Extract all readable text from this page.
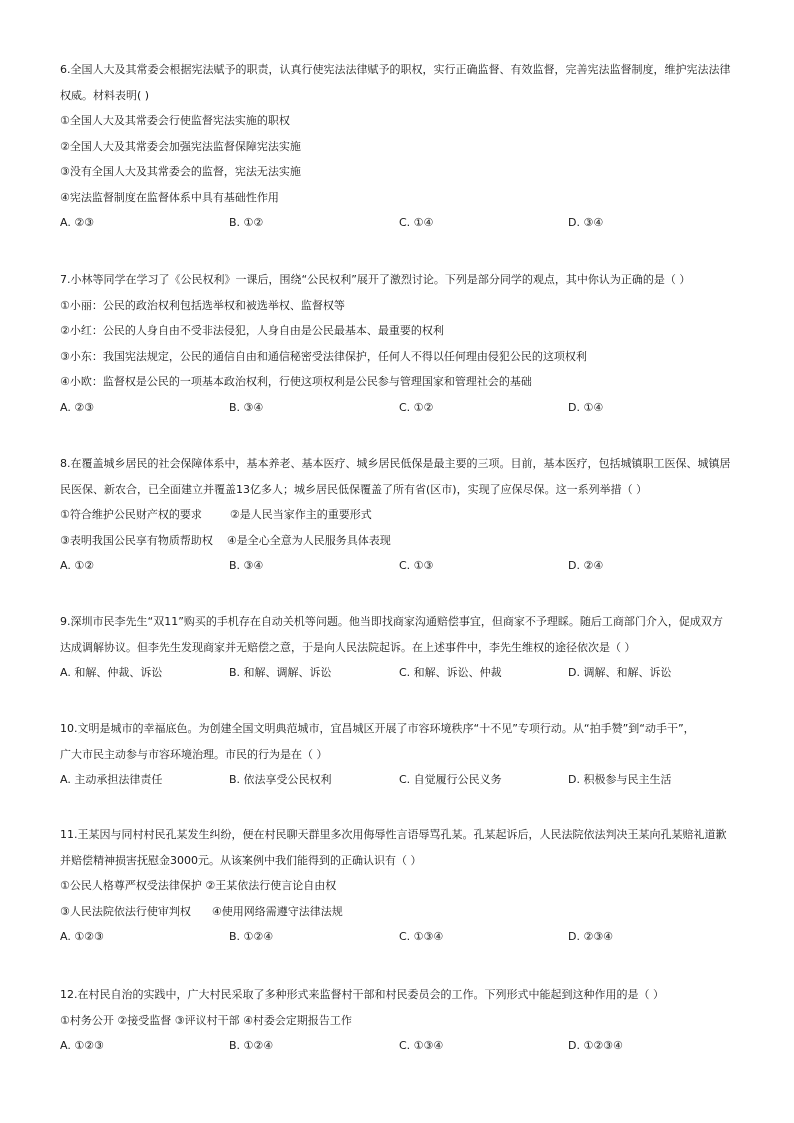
6.全国人大及其常委会根据宪法赋予的职责，认真行使宪法法律赋予的职权，实行正确监督、有效监督，完善宪法监督制度，维护宪法法律
权威。材料表明( )
①全国人大及其常委会行使监督宪法实施的职权
②全国人大及其常委会加强宪法监督保障宪法实施
③没有全国人大及其常委会的监督，宪法无法实施
④宪法监督制度在监督体系中具有基础性作用
A. ②③	B. ①②	C. ①④	D. ③④
7.小林等同学在学习了《公民权利》一课后，围绕“公民权利”展开了激烈讨论。下列是部分同学的观点，其中你认为正确的是（ ）
①小丽：公民的政治权利包括选举权和被选举权、监督权等
②小红：公民的人身自由不受非法侵犯，人身自由是公民最基本、最重要的权利
③小东：我国宪法规定，公民的通信自由和通信秘密受法律保护，任何人不得以任何理由侵犯公民的这项权利
④小欧：监督权是公民的一项基本政治权利，行使这项权利是公民参与管理国家和管理社会的基础
A. ②③	B. ③④	C. ①②	D. ①④
8.在覆盖城乡居民的社会保障体系中，基本养老、基本医疗、城乡居民低保是最主要的三项。目前，基本医疗，包括城镇职工医保、城镇居
民医保、新农合，已全面建立并覆盖13亿多人；城乡居民低保覆盖了所有省(区市)，实现了应保尽保。这一系列举措（ ）
①符合维护公民财产权的要求        ②是人民当家作主的重要形式
③表明我国公民享有物质帮助权    ④是全心全意为人民服务具体表现
A. ①②	B. ③④	C. ①③	D. ②④
9.深圳市民李先生“双11”购买的手机存在自动关机等问题。他当即找商家沟通赔偿事宜，但商家不予理睬。随后工商部门介入，促成双方
达成调解协议。但李先生发现商家并无赔偿之意，于是向人民法院起诉。在上述事件中，李先生维权的途径依次是（ ）
A. 和解、仲裁、诉讼	B. 和解、调解、诉讼	C. 和解、诉讼、仲裁	D. 调解、和解、诉讼
10.文明是城市的幸福底色。为创建全国文明典范城市，宜昌城区开展了市容环境秩序“十不见”专项行动。从“拍手赞”到“动手干”，
广大市民主动参与市容环境治理。市民的行为是在（ ）
A. 主动承担法律责任	B. 依法享受公民权利	C. 自觉履行公民义务	D. 积极参与民主生活
11.王某因与同村村民孔某发生纠纷，便在村民聊天群里多次用侮辱性言语辱骂孔某。孔某起诉后，人民法院依法判决王某向孔某赔礼道歉
并赔偿精神损害抚慰金3000元。从该案例中我们能得到的正确认识有（ ）
①公民人格尊严权受法律保护 ②王某依法行使言论自由权
③人民法院依法行使审判权      ④使用网络需遵守法律法规
A. ①②③	B. ①②④	C. ①③④	D. ②③④
12.在村民自治的实践中，广大村民采取了多种形式来监督村干部和村民委员会的工作。下列形式中能起到这种作用的是（ ）
①村务公开 ②接受监督 ③评议村干部 ④村委会定期报告工作
A. ①②③	B. ①②④	C. ①③④	D. ①②③④
